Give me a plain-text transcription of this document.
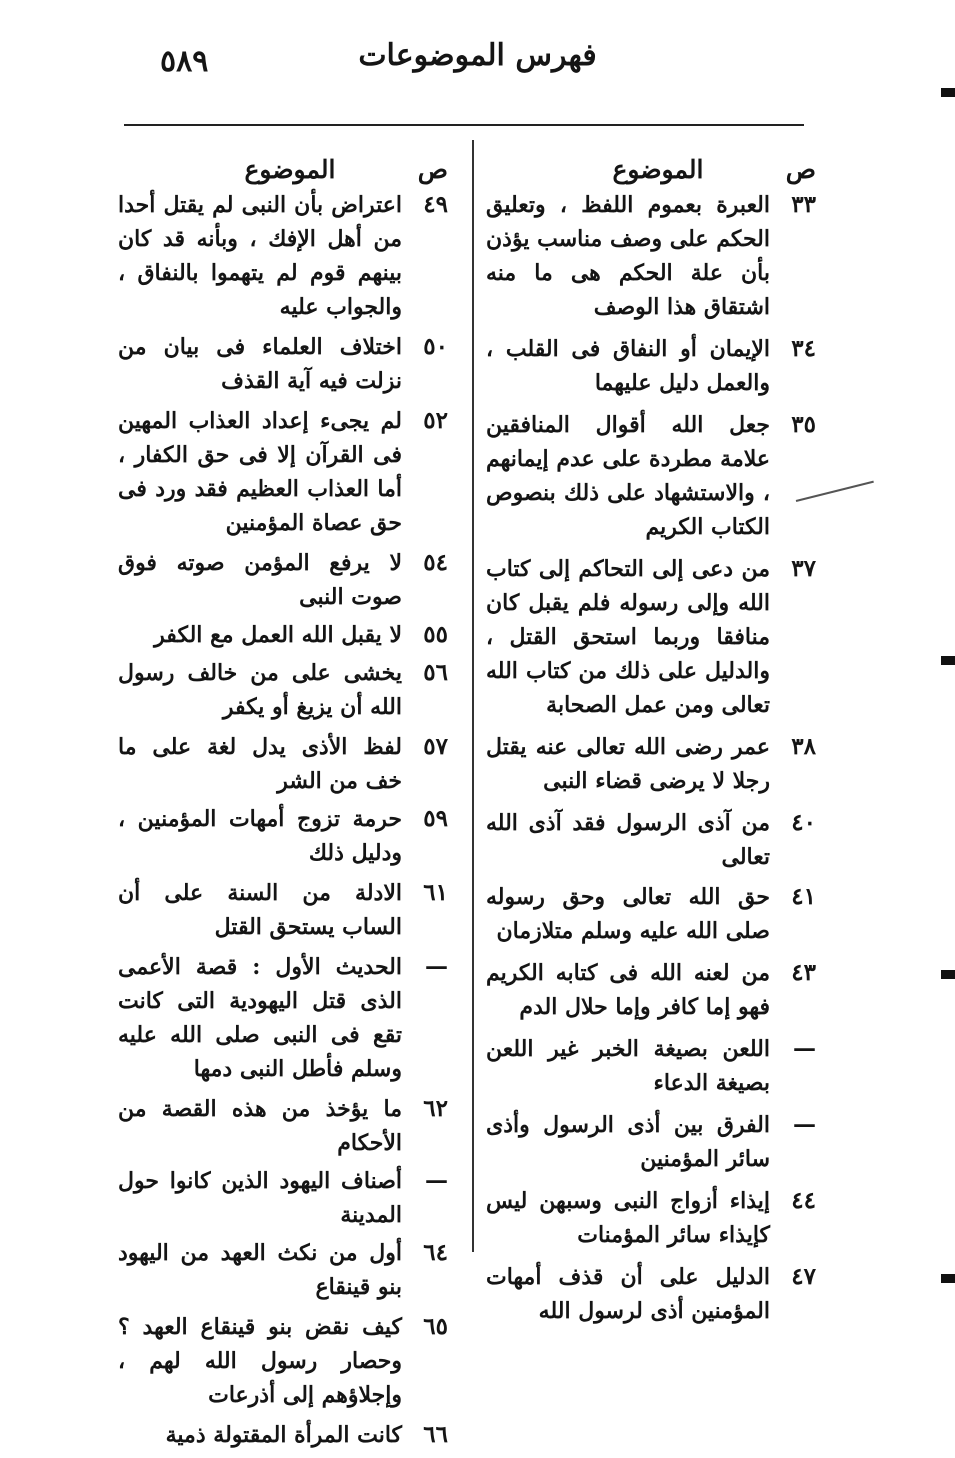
٥٨٩	فهرس الموضوعات
ص
الموضوع
٣٣
العبرة بعموم اللفظ ، وتعليق الحكم على وصف مناسب يؤذن بأن علة الحكم هى ما منه اشتقاق هذا الوصف
٣٤
الإيمان أو النفاق فى القلب ، والعمل دليل عليهما
٣٥
جعل الله أقوال المنافقين علامة مطردة على عدم إيمانهم ، والاستشهاد على ذلك بنصوص الكتاب الكريم
٣٧
من دعى إلى التحاكم إلى كتاب الله وإلى رسوله فلم يقبل كان منافقا وربما استحق القتل ، والدليل على ذلك من كتاب الله تعالى ومن عمل الصحابة
٣٨
عمر رضى الله تعالى عنه يقتل رجلا لا يرضى قضاء النبى
٤٠
من آذى الرسول فقد آذى الله تعالى
٤١
حق الله تعالى وحق رسوله صلى الله عليه وسلم متلازمان
٤٣
من لعنه الله فى كتابه الكريم فهو إما كافر وإما حلال الدم
—
اللعن بصيغة الخبر غير اللعن بصيغة الدعاء
—
الفرق بين أذى الرسول وأذى سائر المؤمنين
٤٤
إيذاء أزواج النبى وسبهن ليس كإيذاء سائر المؤمنات
٤٧
الدليل على أن قذف أمهات المؤمنين أذى لرسول الله
ص
الموضوع
٤٩
اعتراض بأن النبى لم يقتل أحدا من أهل الإفك ، وبأنه قد كان بينهم قوم لم يتهموا بالنفاق ، والجواب عليه
٥٠
اختلاف العلماء فى بيان من نزلت فيه آية القذف
٥٢
لم يجىء إعداد العذاب المهين فى القرآن إلا فى حق الكفار ، أما العذاب العظيم فقد ورد فى حق عصاة المؤمنين
٥٤
لا يرفع المؤمن صوته فوق صوت النبى
٥٥
لا يقبل الله العمل مع الكفر
٥٦
يخشى على من خالف رسول الله أن يزيغ أو يكفر
٥٧
لفظ الأذى يدل لغة على ما خف من الشر
٥٩
حرمة تزوج أمهات المؤمنين ، ودليل ذلك
٦١
الادلة من السنة على أن الساب يستحق القتل
—
الحديث الأول : قصة الأعمى الذى قتل اليهودية التى كانت تقع فى النبى صلى الله عليه وسلم فأطل النبى دمها
٦٢
ما يؤخذ من هذه القصة من الأحكام
—
أصناف اليهود الذين كانوا حول المدينة
٦٤
أول من نكث العهد من اليهود بنو قينقاع
٦٥
كيف نقض بنو قينقاع العهد ؟ وحصار رسول الله لهم ، وإجلاؤهم إلى أذرعات
٦٦
كانت المرأة المقتولة ذمية
